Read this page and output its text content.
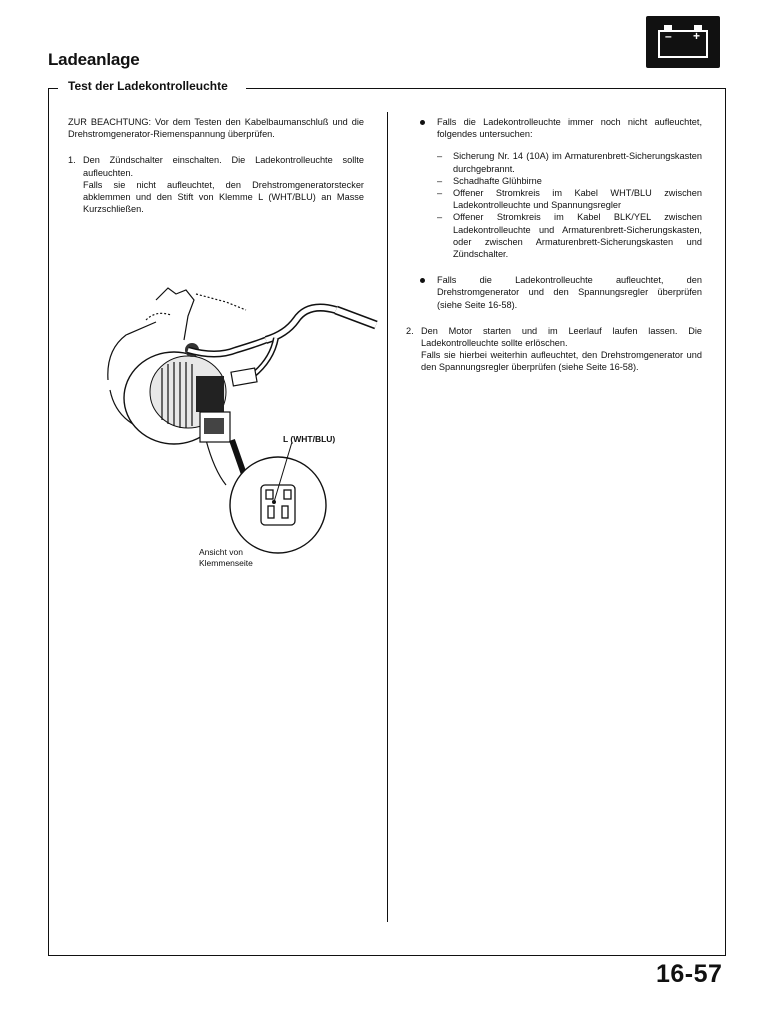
Ladeanlage
– +
Test der Ladekontrolleuchte

ZUR BEACHTUNG: Vor dem Testen den Kabelbaumanschluß und die Drehstromgenerator-Riemenspannung überprüfen.

1. Den Zündschalter einschalten. Die Ladekontrolleuchte sollte aufleuchten.

Falls sie nicht aufleuchtet, den Drehstromgeneratorstecker abklemmen und den Stift von Klemme L (WHT/BLU) an Masse Kurzschließen.

L (WHT/BLU)
Ansicht von
Klemmenseite

Falls die Ladekontrolleuchte immer noch nicht aufleuchtet, folgendes untersuchen:

–	Sicherung Nr. 14 (10A) im Armaturenbrett-Sicherungskasten durchgebrannt.
–	Schadhafte Glühbirne
–	Offener Stromkreis im Kabel WHT/BLU zwischen Ladekontrolleuchte und Spannungsregler
–	Offener Stromkreis im Kabel BLK/YEL zwischen Ladekontrolleuchte und Armaturenbrett-Sicherungskasten, oder zwischen Armaturenbrett-Sicherungskasten und Zündschalter.

Falls die Ladekontrolleuchte aufleuchtet, den Drehstromgenerator und den Spannungsregler überprüfen (siehe Seite 16-58).

2. Den Motor starten und im Leerlauf laufen lassen. Die Ladekontrolleuchte sollte erlöschen.

Falls sie hierbei weiterhin aufleuchtet, den Drehstromgenerator und den Spannungsregler überprüfen (siehe Seite 16-58).

16-57
